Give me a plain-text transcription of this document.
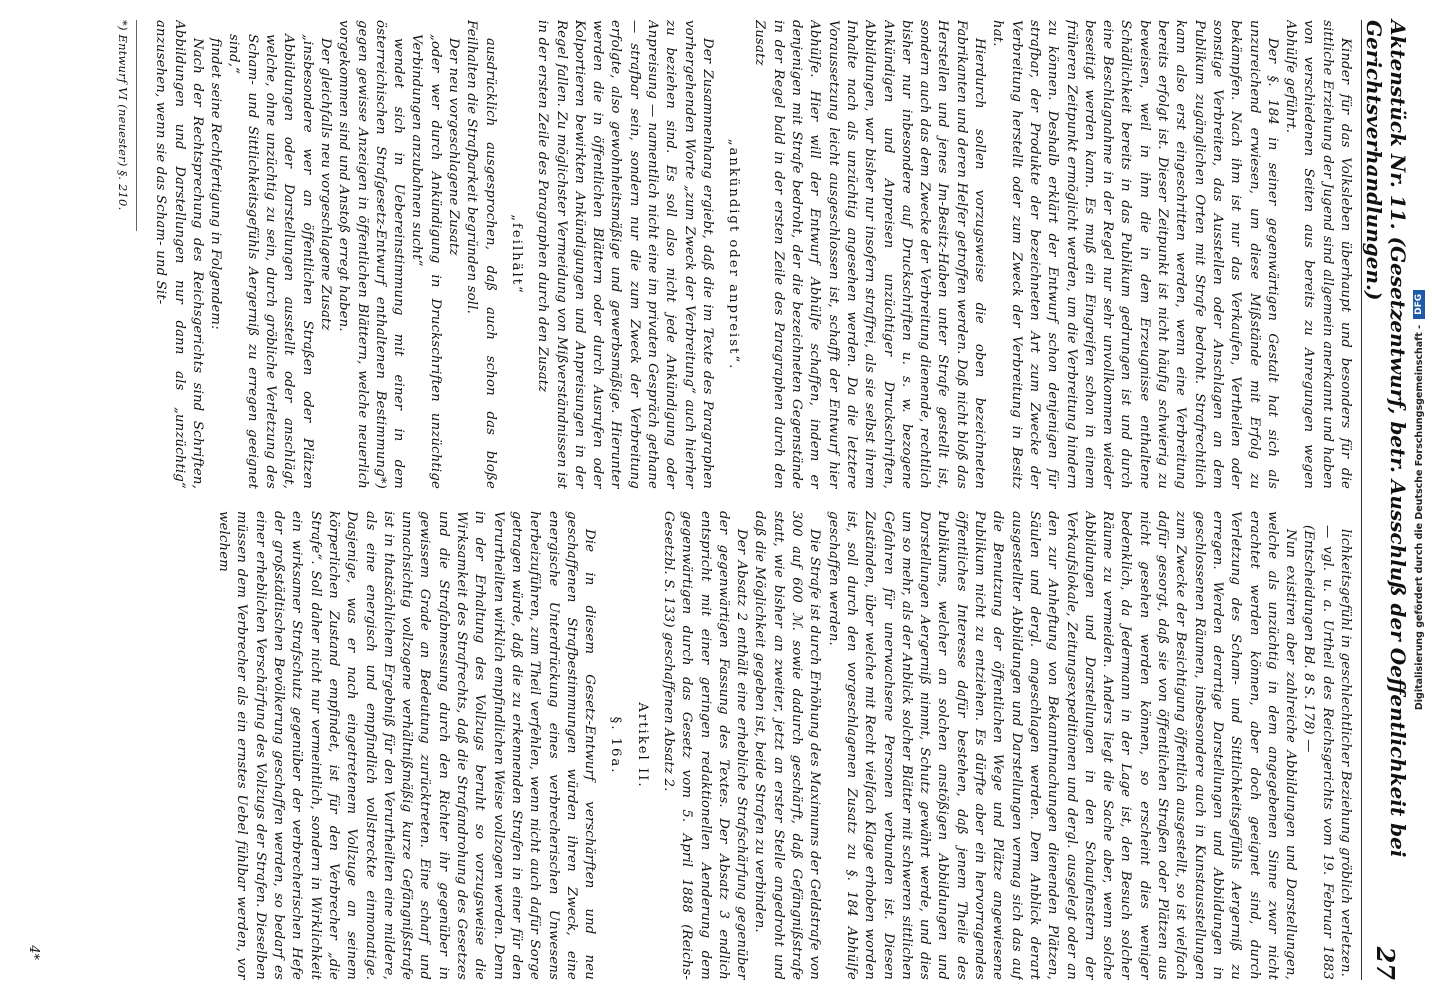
Aktenstück Nr. 11. (Gesetzentwurf, betr. Ausschluß der Oeffentlichkeit bei Gerichtsverhandlungen.)
27

Kinder für das Volksleben überhaupt und besonders für die sittliche Erziehung der Jugend sind allgemein anerkannt und haben von verschiedenen Seiten aus bereits zu Anregungen wegen Abhülfe geführt.

Der §. 184 in seiner gegenwärtigen Gestalt hat sich als unzureichend erwiesen, um diese Mißstände mit Erfolg zu bekämpfen. Nach ihm ist nur das Verkaufen, Vertheilen oder sonstige Verbreiten, das Ausstellen oder Anschlagen an dem Publikum zugänglichen Orten mit Strafe bedroht. Strafrechtlich kann also erst eingeschritten werden, wenn eine Verbreitung bereits erfolgt ist. Dieser Zeitpunkt ist nicht häufig schwierig zu beweisen, weil in ihm die in dem Erzeugnisse enthaltene Schädlichkeit bereits in das Publikum gedrungen ist und durch eine Beschlagnahme in der Regel nur sehr unvollkommen wieder beseitigt werden kann. Es muß ein Eingreifen schon in einem früheren Zeitpunkt ermöglicht werden, um die Verbreitung hindern zu können. Deshalb erklärt der Entwurf schon denjenigen für strafbar, der Produkte der bezeichneten Art zum Zwecke der Verbreitung herstellt oder zum Zweck der Verbreitung in Besitz hat.

Hierdurch sollen vorzugsweise die oben bezeichneten Fabrikanten und deren Helfer getroffen werden. Daß nicht bloß das Herstellen und jenes Im-Besitz-Haben unter Strafe gestellt ist, sondern auch das dem Zwecke der Verbreitung dienende, rechtlich bisher nur inbesondere auf Druckschriften u. s. w. bezogene Ankündigen und Anpreisen unzüchtiger Druckschriften, Abbildungen, war bisher nur insofern straffrei, als sie selbst ihrem Inhalte nach als unzüchtig angesehen werden. Da die letztere Voraussetzung leicht ausgeschlossen ist, schafft der Entwurf hier Abhülfe. Hier will der Entwurf Abhülfe schaffen, indem er denjenigen mit Strafe bedroht, der die bezeichneten Gegenstände in der Regel bald in der ersten Zeile des Paragraphen durch den Zusatz

„ankündigt oder anpreist“.

Der Zusammenhang ergiebt, daß die im Texte des Paragraphen vorhergehenden Worte „zum Zweck der Verbreitung“ auch hierher zu beziehen sind. Es soll also nicht jede Ankündigung oder Anpreisung — namentlich nicht eine im privaten Gespräch gethane — strafbar sein, sondern nur die zum Zweck der Verbreitung erfolgte, also gewohnheitsmäßige und gewerbsmäßige. Hierunter werden die in öffentlichen Blättern oder durch Ausrufen oder Kolportieren bewirkten Ankündigungen und Anpreisungen in der Regel fallen. Zu möglichster Vermeidung von Mißverständnissen ist in der ersten Zeile des Paragraphen durch den Zusatz

„feilhält“

ausdrücklich ausgesprochen, daß auch schon das bloße Feilhalten die Strafbarkeit begründen soll.

Der neu vorgeschlagene Zusatz

„oder wer durch Ankündigung in Druckschriften unzüchtige Verbindungen anzubahnen sucht“

wendet sich in Uebereinstimmung mit einer in dem österreichischen Strafgesetz-Entwurf enthaltenen Bestimmung*) gegen gewisse Anzeigen in öffentlichen Blättern, welche neuerlich vorgekommen sind und Anstoß erregt haben.

Der gleichfalls neu vorgeschlagene Zusatz

„insbesondere wer an öffentlichen Straßen oder Plätzen Abbildungen oder Darstellungen ausstellt oder anschlägt, welche, ohne unzüchtig zu sein, durch gröbliche Verletzung des Scham- und Sittlichkeitsgefühls Aergerniß zu erregen geeignet sind,“

findet seine Rechtfertigung in Folgendem:

Nach der Rechtsprechung des Reichsgerichts sind Schriften, Abbildungen und Darstellungen nur dann als „unzüchtig“ anzusehen, wenn sie das Scham- und Sit-

*) Entwurf VI (neuester) §. 210.

lichkeitsgefühl in geschlechtlicher Beziehung gröblich verletzen.

— vgl. u. a. Urtheil des Reichsgerichts vom 19. Februar 1883 (Entscheidungen Bd. 8 S. 178) —

Nun existiren aber zahlreiche Abbildungen und Darstellungen, welche als unzüchtig in dem angegebenen Sinne zwar nicht erachtet werden können, aber doch geeignet sind, durch Verletzung des Scham- und Sittlichkeitsgefühls Aergerniß zu erregen. Werden derartige Darstellungen und Abbildungen in geschlossenen Räumen, insbesondere auch in Kunstausstellungen zum Zwecke der Besichtigung öffentlich ausgestellt, so ist vielfach dafür gesorgt, daß sie von öffentlichen Straßen oder Plätzen aus nicht gesehen werden können, so erscheint dies weniger bedenklich, da Jedermann in der Lage ist, den Besuch solcher Räume zu vermeiden. Anders liegt die Sache aber, wenn solche Abbildungen und Darstellungen in den Schaufenstern der Verkaufslokale, Zeitungsexpeditionen und dergl. ausgelegt oder an den zur Anheftung von Bekanntmachungen dienenden Plätzen, Säulen und dergl. angeschlagen werden. Dem Anblick derart ausgestellter Abbildungen und Darstellungen vermag sich das auf die Benutzung der öffentlichen Wege und Plätze angewiesene Publikum nicht zu entziehen. Es dürfte aber ein hervorragendes öffentliches Interesse dafür bestehen, daß jenem Theile des Publikums, welcher an solchen anstößigen Abbildungen und Darstellungen Aergerniß nimmt, Schutz gewährt werde, und dies um so mehr, als der Anblick solcher Blätter mit schweren sittlichen Gefahren für unerwachsene Personen verbunden ist. Diesen Zuständen, über welche mit Recht vielfach Klage erhoben worden ist, soll durch den vorgeschlagenen Zusatz zu §. 184 Abhülfe geschaffen werden.

Die Strafe ist durch Erhöhung des Maximums der Geldstrafe von 300 auf 600 ℳ. sowie dadurch geschärft, daß Gefängnißstrafe statt, wie bisher an zweiter, jetzt an erster Stelle angedroht und daß die Möglichkeit gegeben ist, beide Strafen zu verbinden.

Der Absatz 2 enthält eine erhebliche Strafschärfung gegenüber der gegenwärtigen Fassung des Textes. Der Absatz 3 endlich entspricht mit einer geringen redaktionellen Aenderung dem gegenwärtigen durch das Gesetz vom 5. April 1888 (Reichs-Gesetzbl. S. 133) geschaffenen Absatz 2.

Artikel II.

§. 16a.

Die in diesem Gesetz-Entwurf verschärften und neu geschaffenen Strafbestimmungen würden ihren Zweck, eine energische Unterdrückung eines verbrecherischen Unwesens herbeizuführen, zum Theil verfehlen, wenn nicht auch dafür Sorge getragen würde, daß die zu erkennenden Strafen in einer für den Verurtheilten wirklich empfindlichen Weise vollzogen werden. Denn in der Erhaltung des Vollzugs beruht so vorzugsweise die Wirksamkeit des Strafrechts, daß die Strafandrohung des Gesetzes und die Strafabmessung durch den Richter ihr gegenüber in gewissem Grade an Bedeutung zurücktreten. Eine scharf und unnachsichtig vollzogene verhältnißmäßig kurze Gefängnißstrafe ist in thatsächlichem Ergebniß für den Verurtheilten eine mildere, als eine energisch und empfindlich vollstreckte einmonatige. Dasjenige, was er nach eingetretenem Vollzuge an seinem körperlichen Zustand empfindet, ist für den Verbrecher „die Strafe“. Soll daher nicht nur vermeintlich, sondern in Wirklichkeit ein wirksamer Strafschutz gegenüber der verbrecherischen Hefe der großstädtischen Bevölkerung geschaffen werden, so bedarf es einer erheblichen Verschärfung des Vollzugs der Strafen. Dieselben müssen dem Verbrecher als ein ernstes Uebel fühlbar werden, vor welchem

4*
Digitalisierung gefördert durch die Deutsche Forschungsgemeinschaft -
DFG
